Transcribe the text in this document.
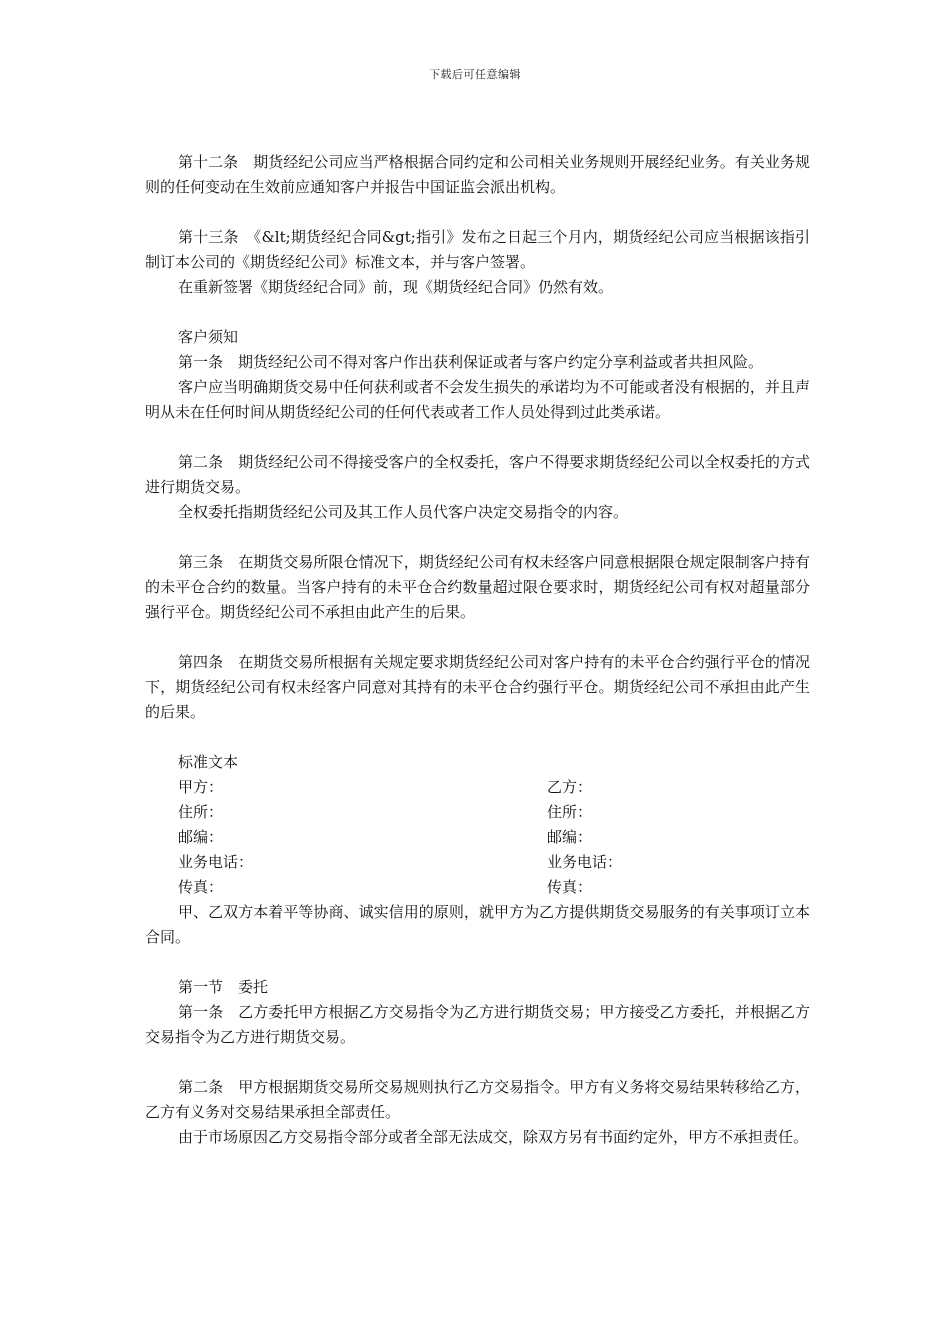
下载后可任意编辑

第十二条　期货经纪公司应当严格根据合同约定和公司相关业务规则开展经纪业务。有关业务规则的任何变动在生效前应通知客户并报告中国证监会派出机构。

第十三条　《&lt;期货经纪合同&gt;指引》发布之日起三个月内，期货经纪公司应当根据该指引制订本公司的《期货经纪公司》标准文本，并与客户签署。

在重新签署《期货经纪合同》前，现《期货经纪合同》仍然有效。

客户须知

第一条　期货经纪公司不得对客户作出获利保证或者与客户约定分享利益或者共担风险。

客户应当明确期货交易中任何获利或者不会发生损失的承诺均为不可能或者没有根据的，并且声明从未在任何时间从期货经纪公司的任何代表或者工作人员处得到过此类承诺。

第二条　期货经纪公司不得接受客户的全权委托，客户不得要求期货经纪公司以全权委托的方式进行期货交易。

全权委托指期货经纪公司及其工作人员代客户决定交易指令的内容。

第三条　在期货交易所限仓情况下，期货经纪公司有权未经客户同意根据限仓规定限制客户持有的未平仓合约的数量。当客户持有的未平仓合约数量超过限仓要求时，期货经纪公司有权对超量部分强行平仓。期货经纪公司不承担由此产生的后果。

第四条　在期货交易所根据有关规定要求期货经纪公司对客户持有的未平仓合约强行平仓的情况下，期货经纪公司有权未经客户同意对其持有的未平仓合约强行平仓。期货经纪公司不承担由此产生的后果。

标准文本
甲方：	乙方：
住所：	住所：
邮编：	邮编：
业务电话：	业务电话：
传真：	传真：

甲、乙双方本着平等协商、诚实信用的原则，就甲方为乙方提供期货交易服务的有关事项订立本合同。

第一节　委托

第一条　乙方委托甲方根据乙方交易指令为乙方进行期货交易；甲方接受乙方委托，并根据乙方交易指令为乙方进行期货交易。

第二条　甲方根据期货交易所交易规则执行乙方交易指令。甲方有义务将交易结果转移给乙方，乙方有义务对交易结果承担全部责任。

由于市场原因乙方交易指令部分或者全部无法成交，除双方另有书面约定外，甲方不承担责任。
